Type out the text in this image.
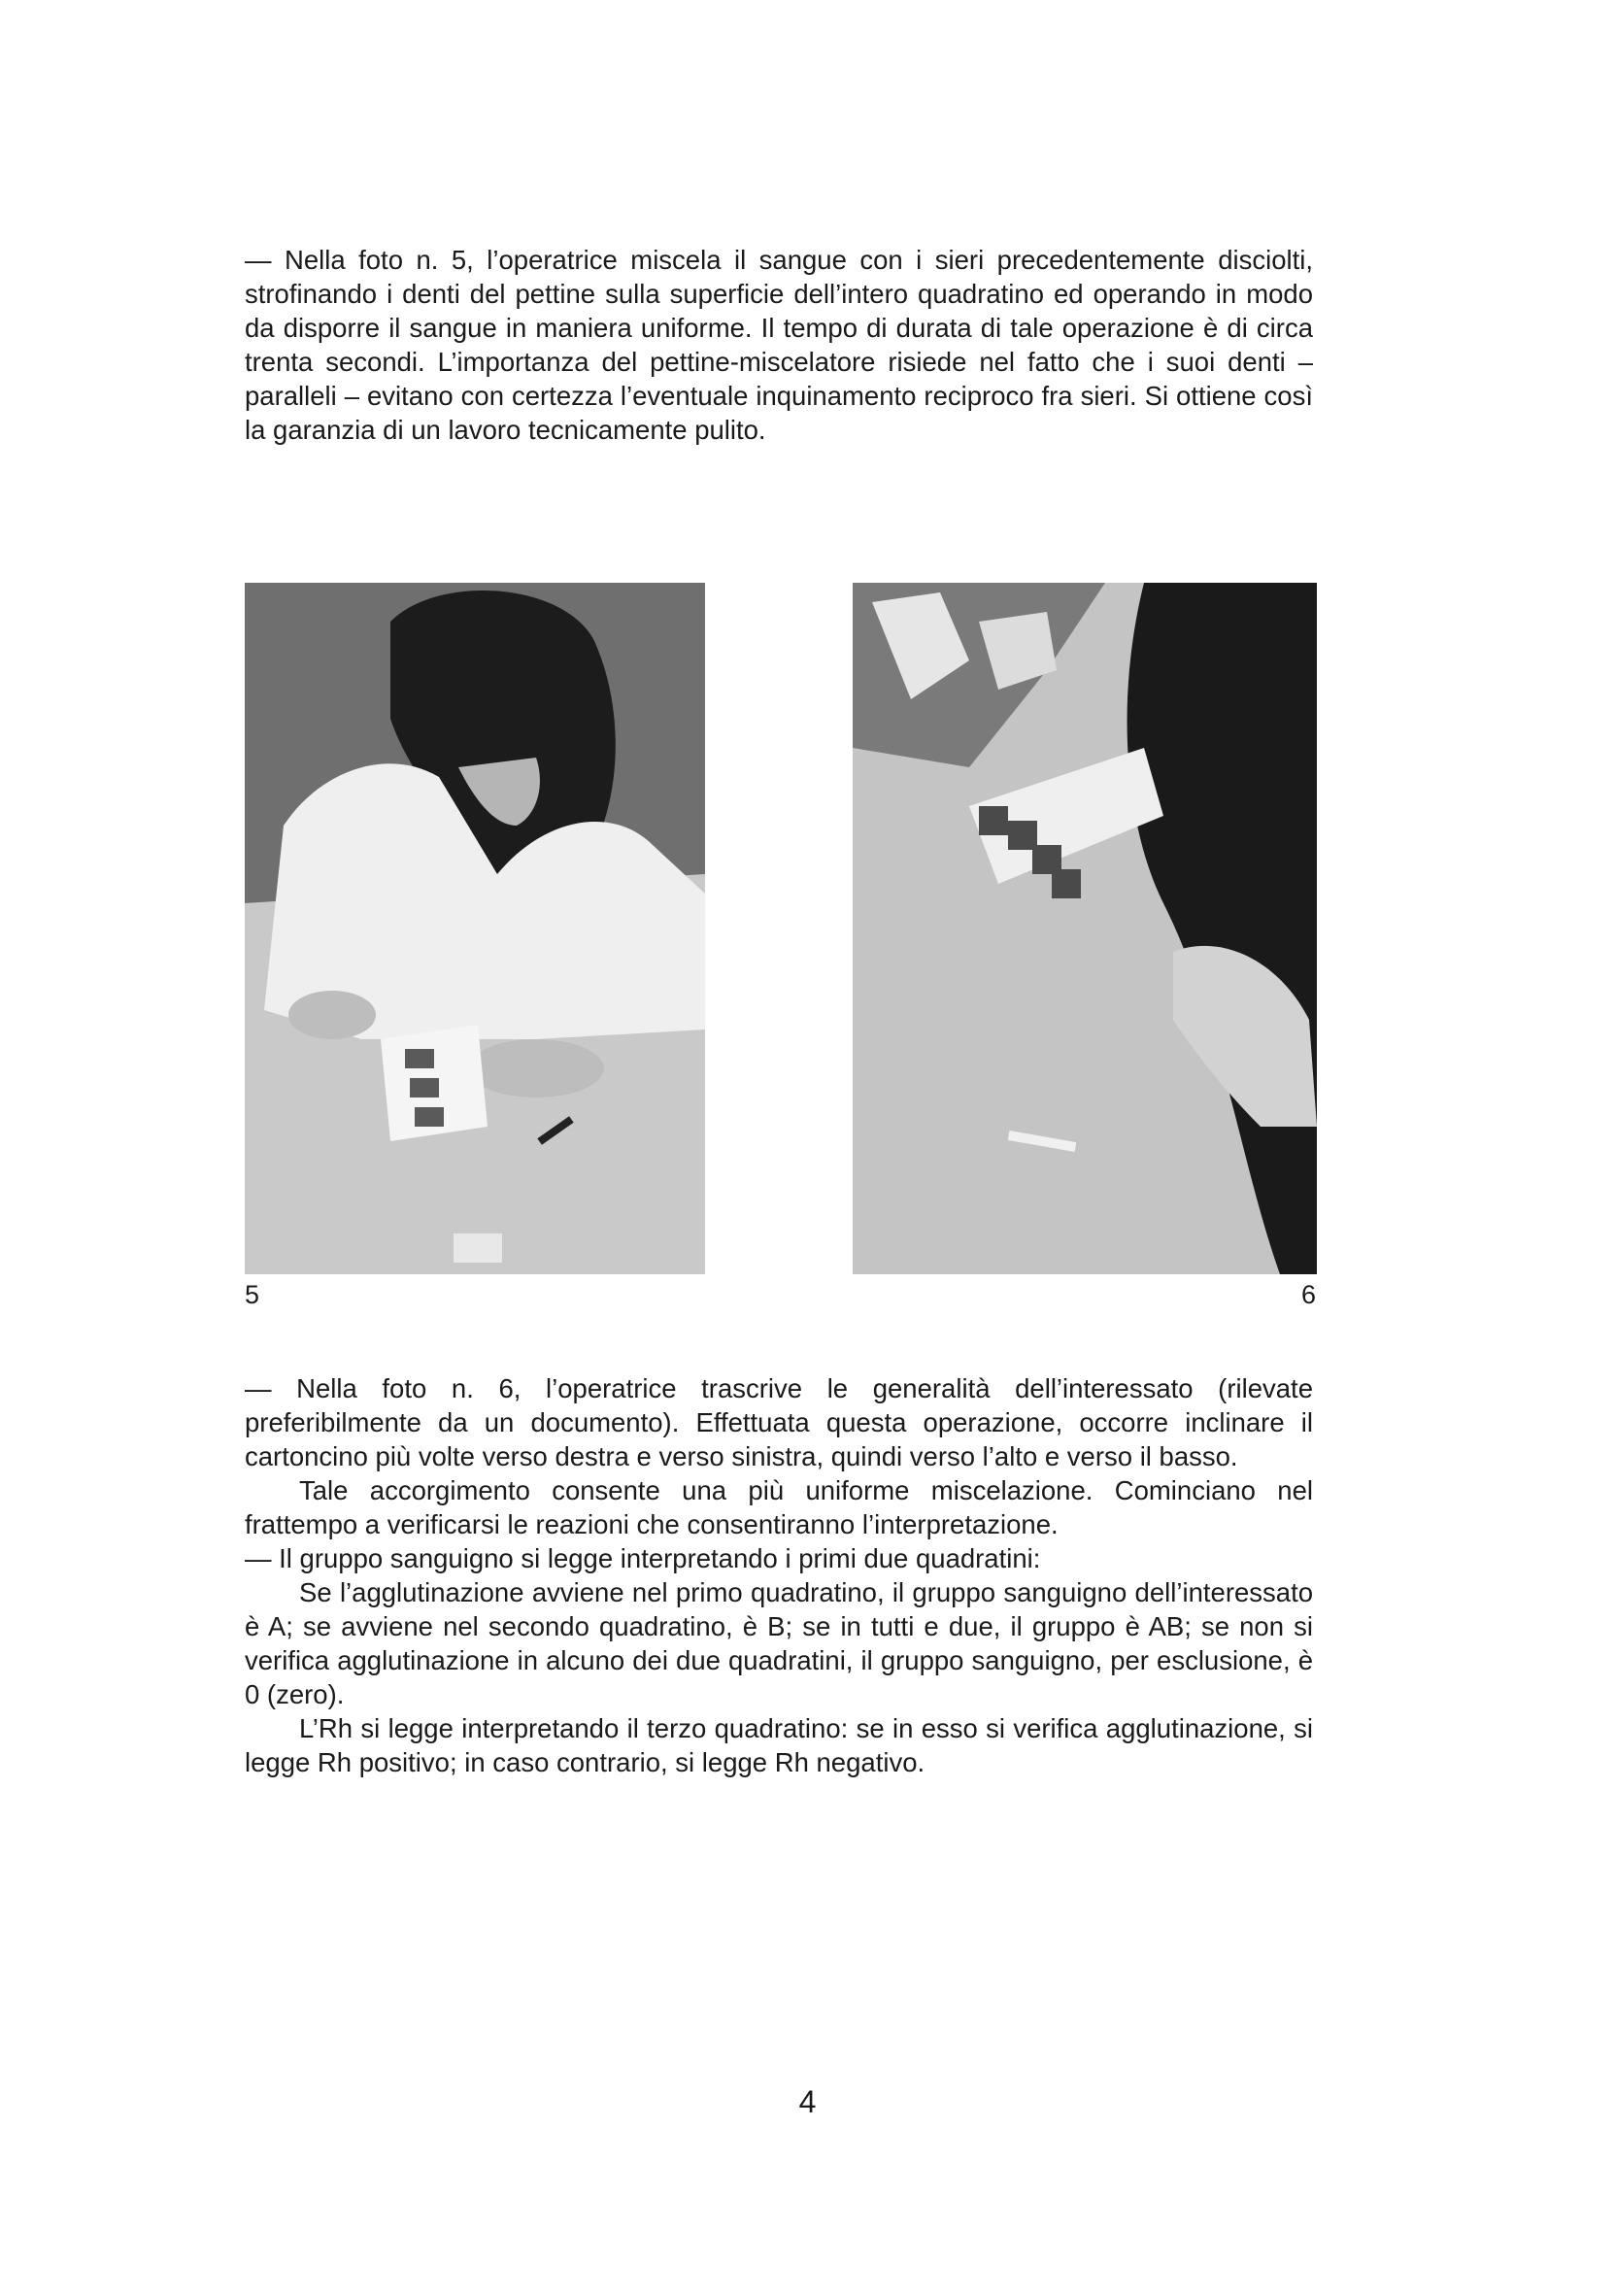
— Nella foto n. 5, l’operatrice miscela il sangue con i sieri precedentemente disciolti, strofinando i denti del pettine sulla superficie dell’intero quadratino ed operando in modo da disporre il sangue in maniera uniforme. Il tempo di durata di tale operazione è di circa trenta secondi. L’importanza del pettine-miscelatore risiede nel fatto che i suoi denti – paralleli – evitano con certezza l’eventuale inquinamento reciproco fra sieri. Si ottiene così la garanzia di un lavoro tecnicamente pulito.

5	6

— Nella foto n. 6, l’operatrice trascrive le generalità dell’interessato (rilevate preferibilmente da un documento). Effettuata questa operazione, occorre inclinare il cartoncino più volte verso destra e verso sinistra, quindi verso l’alto e verso il basso.

Tale accorgimento consente una più uniforme miscelazione. Cominciano nel frattempo a verificarsi le reazioni che consentiranno l’interpretazione.

— Il gruppo sanguigno si legge interpretando i primi due quadratini:

Se l’agglutinazione avviene nel primo quadratino, il gruppo sanguigno dell’interessato è A; se avviene nel secondo quadratino, è B; se in tutti e due, il gruppo è AB; se non si verifica agglutinazione in alcuno dei due quadratini, il gruppo sanguigno, per esclusione, è 0 (zero).

L’Rh si legge interpretando il terzo quadratino: se in esso si verifica agglutinazione, si legge Rh positivo; in caso contrario, si legge Rh negativo.

4
